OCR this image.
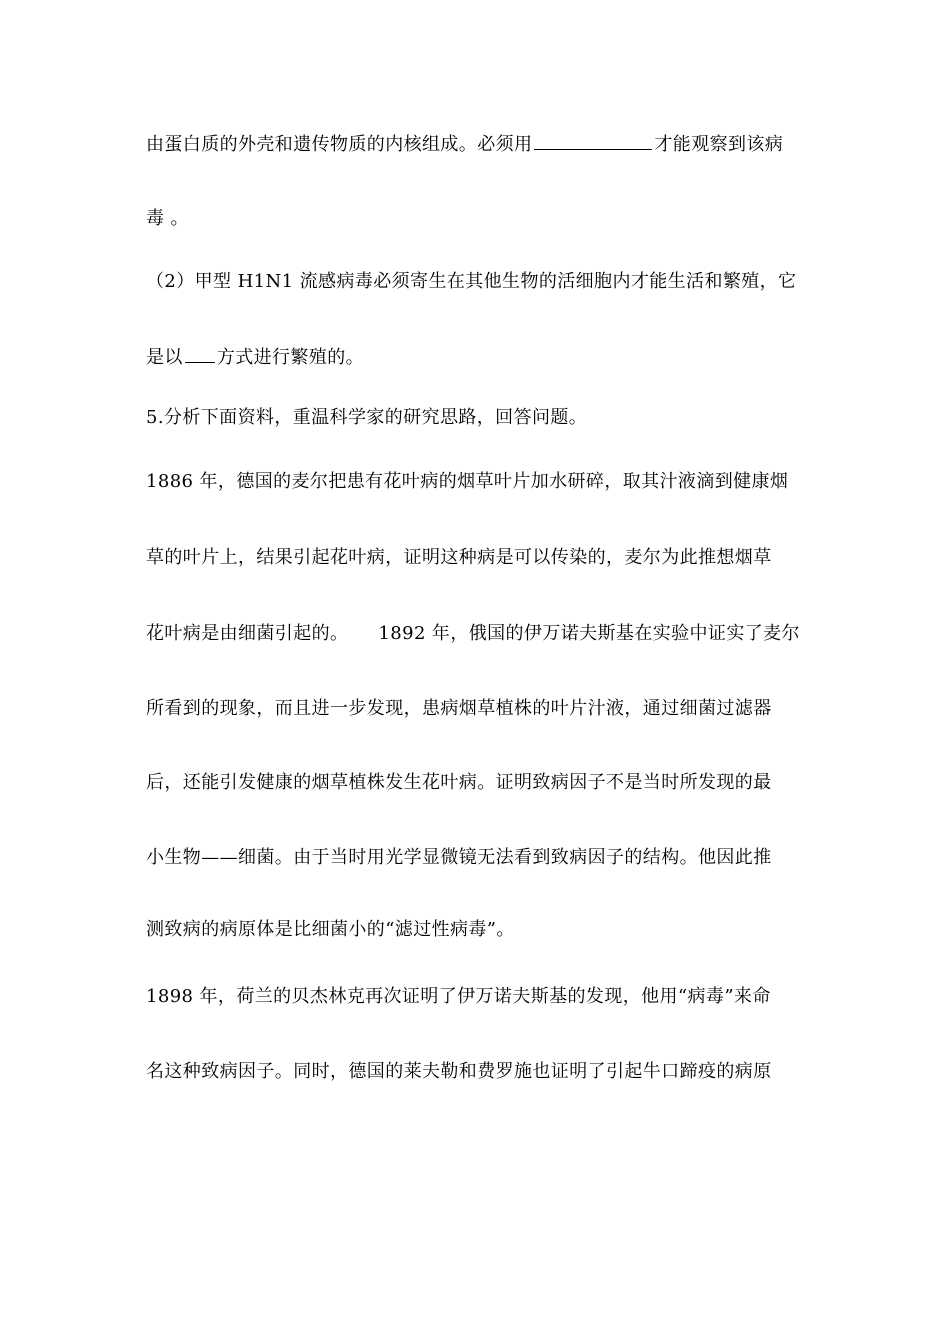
由蛋白质的外壳和遗传物质的内核组成。必须用	才能观察到该病
毒 。
（2）甲型 H1N1 流感病毒必须寄生在其他生物的活细胞内才能生活和繁殖，它
是以 方式进行繁殖的。
5.分析下面资料，重温科学家的研究思路，回答问题。
1886 年，德国的麦尔把患有花叶病的烟草叶片加水研碎，取其汁液滴到健康烟
草的叶片上，结果引起花叶病，证明这种病是可以传染的，麦尔为此推想烟草
花叶病是由细菌引起的。 1892 年，俄国的伊万诺夫斯基在实验中证实了麦尔
所看到的现象，而且进一步发现，患病烟草植株的叶片汁液，通过细菌过滤器
后，还能引发健康的烟草植株发生花叶病。证明致病因子不是当时所发现的最
小生物——细菌。由于当时用光学显微镜无法看到致病因子的结构。他因此推
测致病的病原体是比细菌小的“滤过性病毒”。
1898 年，荷兰的贝杰林克再次证明了伊万诺夫斯基的发现，他用“病毒”来命
名这种致病因子。同时，德国的莱夫勒和费罗施也证明了引起牛口蹄疫的病原
